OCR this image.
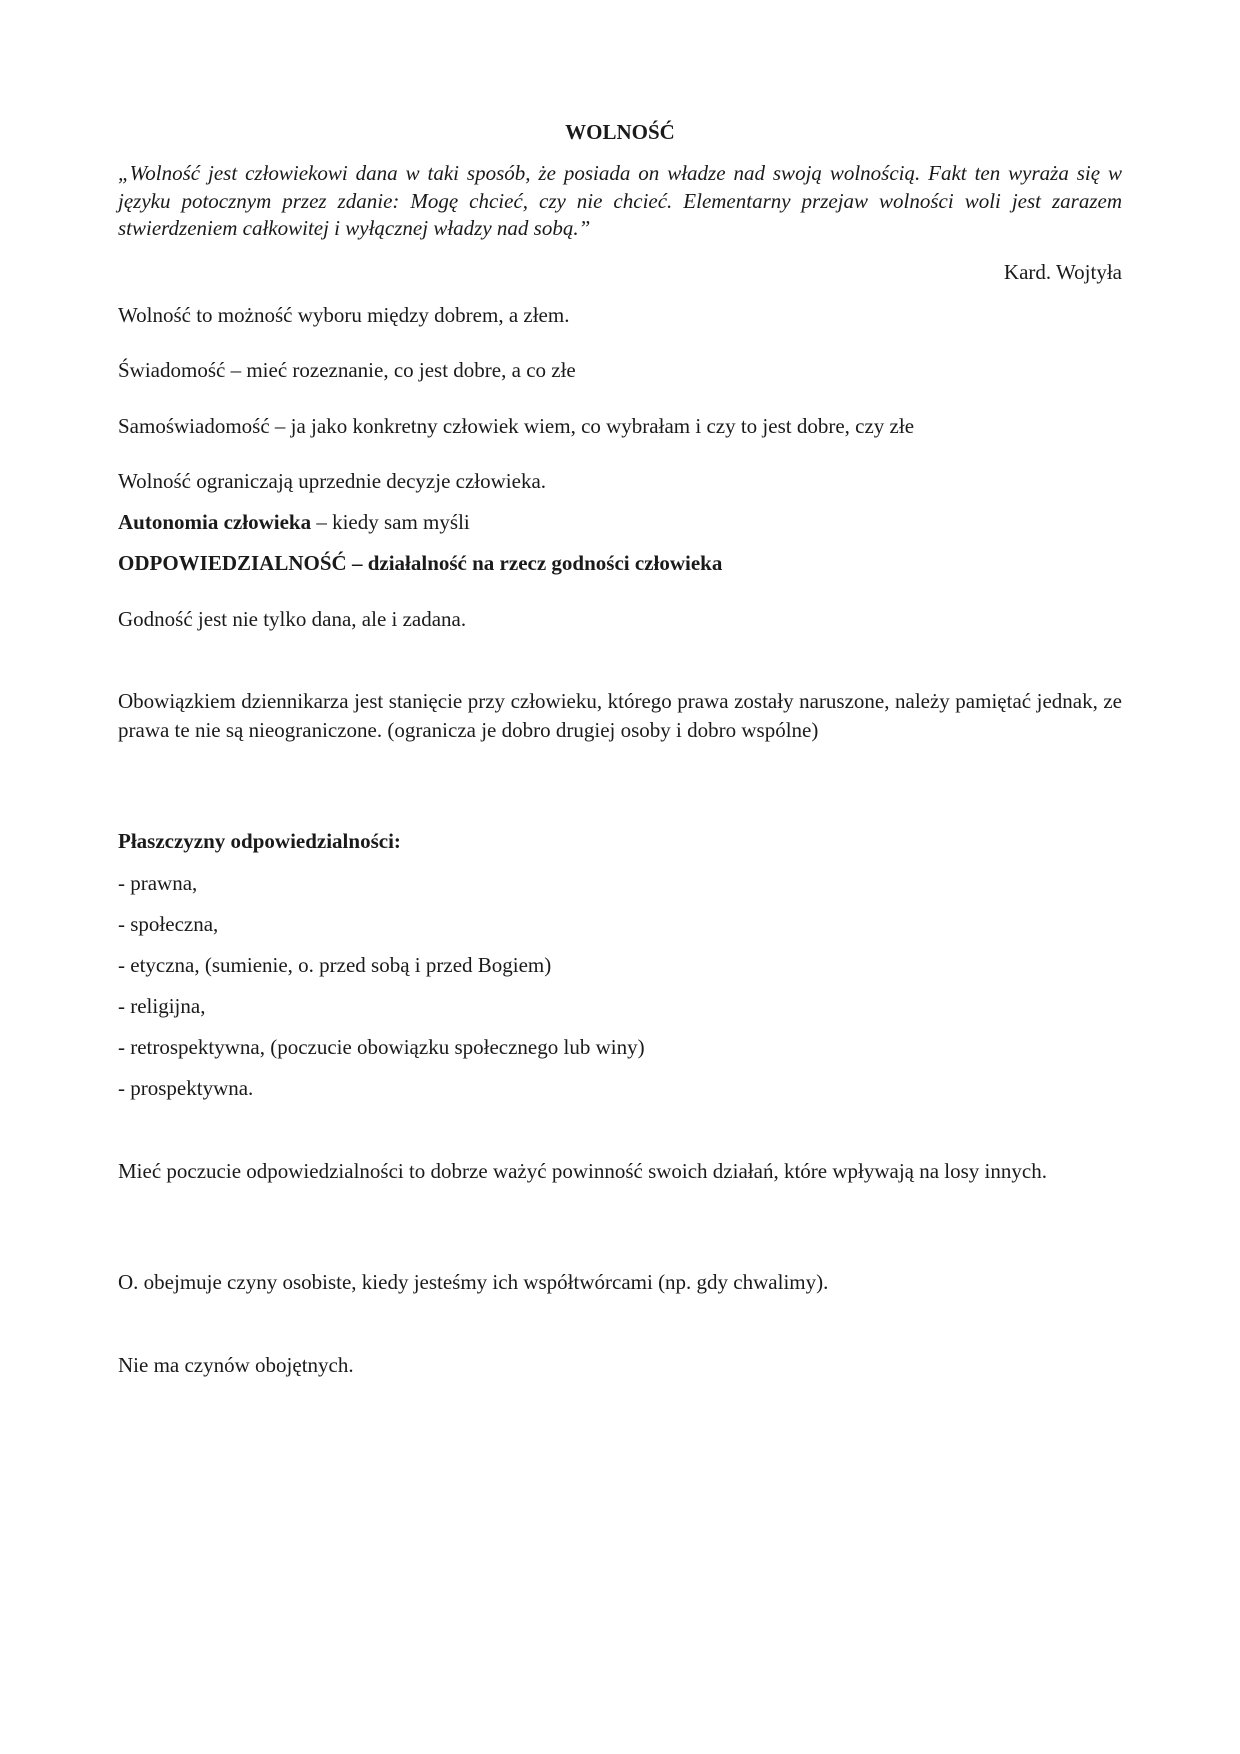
WOLNOŚĆ
„Wolność jest człowiekowi dana w taki sposób, że posiada on władze nad swoją wolnością. Fakt ten wyraża się w języku potocznym przez zdanie: Mogę chcieć, czy nie chcieć. Elementarny przejaw wolności woli jest zarazem stwierdzeniem całkowitej i wyłącznej władzy nad sobą.”
Kard. Wojtyła
Wolność to możność wyboru między dobrem, a złem.
Świadomość – mieć rozeznanie, co jest dobre, a co złe
Samoświadomość – ja jako konkretny człowiek wiem, co wybrałam i czy to jest dobre, czy złe
Wolność ograniczają uprzednie decyzje człowieka.
Autonomia człowieka – kiedy sam myśli
ODPOWIEDZIALNOŚĆ – działalność na rzecz godności człowieka
Godność jest nie tylko dana, ale i zadana.
Obowiązkiem dziennikarza jest stanięcie przy człowieku, którego prawa zostały naruszone, należy pamiętać jednak, ze prawa te nie są nieograniczone. (ogranicza je dobro drugiej osoby i dobro wspólne)
Płaszczyzny odpowiedzialności:
- prawna,
- społeczna,
- etyczna, (sumienie, o. przed sobą i przed Bogiem)
- religijna,
- retrospektywna, (poczucie obowiązku społecznego lub winy)
- prospektywna.
Mieć poczucie odpowiedzialności to dobrze ważyć powinność swoich działań, które wpływają na losy innych.
O. obejmuje czyny osobiste, kiedy jesteśmy ich współtwórcami (np. gdy chwalimy).
Nie ma czynów obojętnych.
